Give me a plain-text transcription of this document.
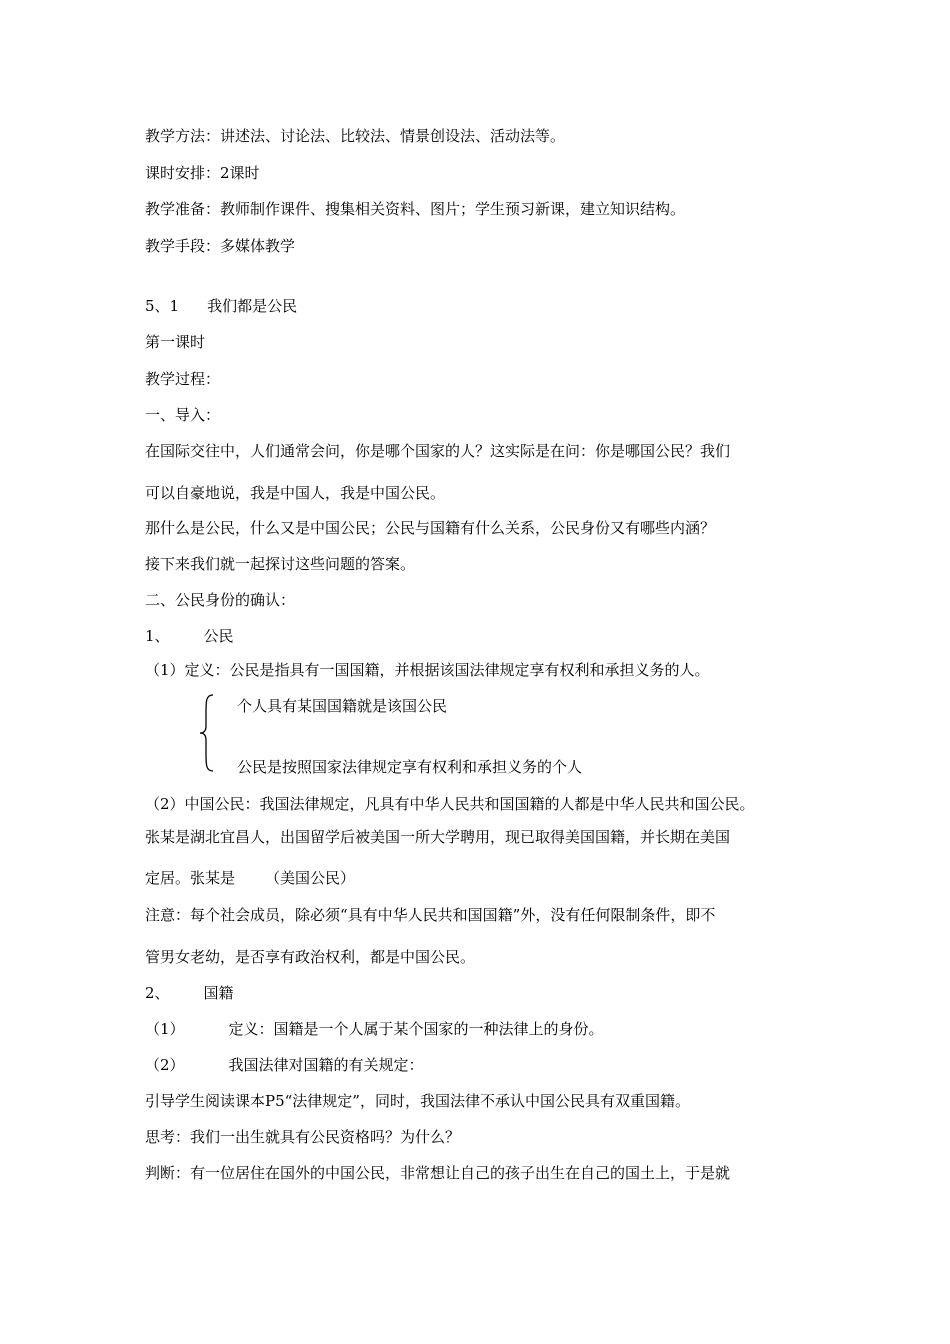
教学方法：讲述法、讨论法、比较法、情景创设法、活动法等。

课时安排：2课时

教学准备：教师制作课件、搜集相关资料、图片；学生预习新课，建立知识结构。

教学手段：多媒体教学

5、1 我们都是公民

第一课时

教学过程：

一、导入：

在国际交往中，人们通常会问，你是哪个国家的人？这实际是在问：你是哪国公民？我们

可以自豪地说，我是中国人，我是中国公民。

那什么是公民，什么又是中国公民；公民与国籍有什么关系，公民身份又有哪些内涵？

接下来我们就一起探讨这些问题的答案。

二、公民身份的确认：

1、 公民

（1）定义：公民是指具有一国国籍，并根据该国法律规定享有权利和承担义务的人。

个人具有某国国籍就是该国公民

公民是按照国家法律规定享有权利和承担义务的个人

（2）中国公民：我国法律规定，凡具有中华人民共和国国籍的人都是中华人民共和国公民。

张某是湖北宜昌人，出国留学后被美国一所大学聘用，现已取得美国国籍，并长期在美国

定居。张某是 （美国公民）

注意：每个社会成员，除必须“具有中华人民共和国国籍”外，没有任何限制条件，即不

管男女老幼，是否享有政治权利，都是中国公民。

2、 国籍

（1）	定义：国籍是一个人属于某个国家的一种法律上的身份。

（2）	我国法律对国籍的有关规定：

引导学生阅读课本P5“法律规定”，同时，我国法律不承认中国公民具有双重国籍。

思考：我们一出生就具有公民资格吗？为什么？

判断：有一位居住在国外的中国公民，非常想让自己的孩子出生在自己的国土上，于是就
